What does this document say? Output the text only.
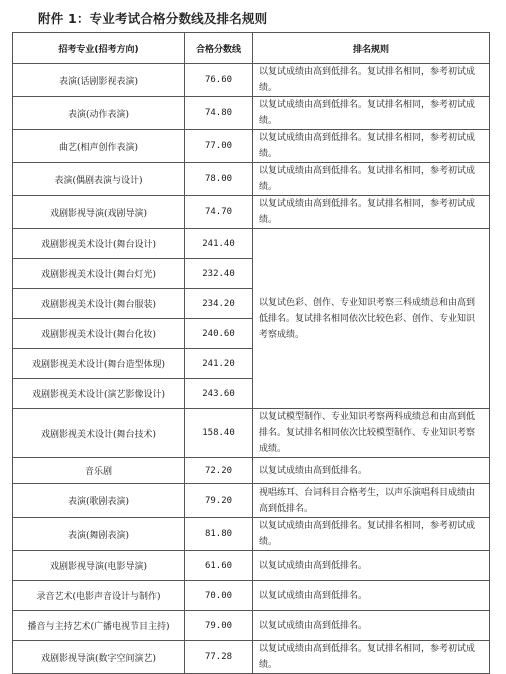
附件 1：专业考试合格分数线及排名规则
招考专业(招考方向)	合格分数线	排名规则
表演(话剧影视表演)	76.60	以复试成绩由高到低排名。复试排名相同，参考初试成绩。
表演(动作表演)	74.80	以复试成绩由高到低排名。复试排名相同，参考初试成绩。
曲艺(相声创作表演)	77.00	以复试成绩由高到低排名。复试排名相同，参考初试成绩。
表演(偶剧表演与设计)	78.00	以复试成绩由高到低排名。复试排名相同，参考初试成绩。
戏剧影视导演(戏剧导演)	74.70	以复试成绩由高到低排名。复试排名相同，参考初试成绩。
戏剧影视美术设计(舞台设计)	241.40	以复试色彩、创作、专业知识考察三科成绩总和由高到低排名。复试排名相同依次比较色彩、创作、专业知识考察成绩。
戏剧影视美术设计(舞台灯光)	232.40	
戏剧影视美术设计(舞台服装)	234.20	
戏剧影视美术设计(舞台化妆)	240.60	
戏剧影视美术设计(舞台造型体现)	241.20	
戏剧影视美术设计(演艺影像设计)	243.60	
戏剧影视美术设计(舞台技术)	158.40	以复试模型制作、专业知识考察两科成绩总和由高到低排名。复试排名相同依次比较模型制作、专业知识考察成绩。
音乐剧	72.20	以复试成绩由高到低排名。
表演(歌剧表演)	79.20	视唱练耳、台词科目合格考生，以声乐演唱科目成绩由高到低排名。
表演(舞剧表演)	81.80	以复试成绩由高到低排名。复试排名相同，参考初试成绩。
戏剧影视导演(电影导演)	61.60	以复试成绩由高到低排名。
录音艺术(电影声音设计与制作)	70.00	以复试成绩由高到低排名。
播音与主持艺术(广播电视节目主持)	79.00	以复试成绩由高到低排名。
戏剧影视导演(数字空间演艺)	77.28	以复试成绩由高到低排名。复试排名相同，参考初试成绩。
